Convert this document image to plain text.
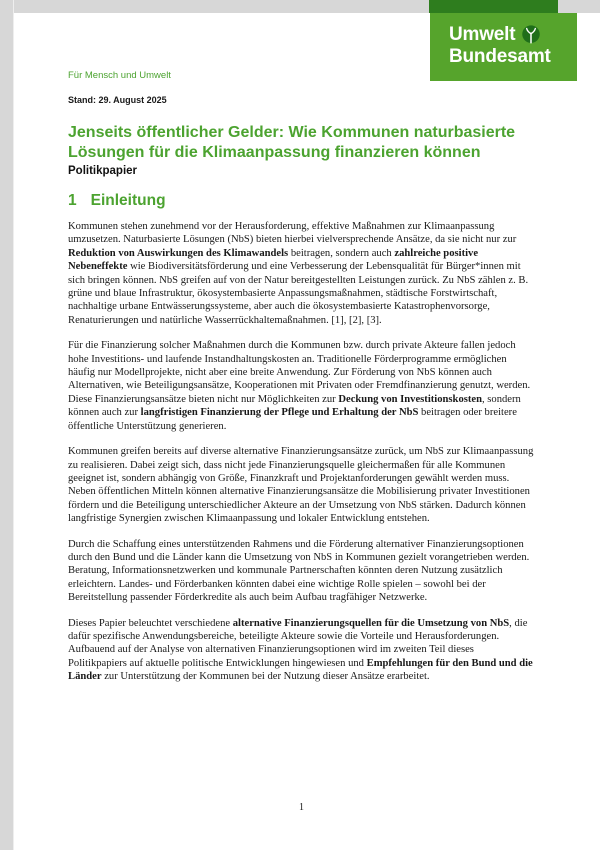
Umwelt
Bundesamt
Für Mensch und Umwelt
Stand: 29. August 2025
Jenseits öffentlicher Gelder: Wie Kommunen naturbasierte Lösungen für die Klimaanpassung finanzieren können
Politikpapier
1 Einleitung

Kommunen stehen zunehmend vor der Herausforderung, effektive Maßnahmen zur Klimaanpassung umzusetzen. Naturbasierte Lösungen (NbS) bieten hierbei vielversprechende Ansätze, da sie nicht nur zur Reduktion von Auswirkungen des Klimawandels beitragen, sondern auch zahlreiche positive Nebeneffekte wie Biodiversitätsförderung und eine Verbesserung der Lebensqualität für Bürger*innen mit sich bringen können. NbS greifen auf von der Natur bereitgestellten Leistungen zurück. Zu NbS zählen z. B. grüne und blaue Infrastruktur, ökosystembasierte Anpassungsmaßnahmen, städtische Forstwirtschaft, nachhaltige urbane Entwässerungssysteme, aber auch die ökosystembasierte Katastrophenvorsorge, Renaturierungen und natürliche Wasserrückhaltemaßnahmen. [1], [2], [3].

Für die Finanzierung solcher Maßnahmen durch die Kommunen bzw. durch private Akteure fallen jedoch hohe Investitions- und laufende Instandhaltungskosten an. Traditionelle Förderprogramme ermöglichen häufig nur Modellprojekte, nicht aber eine breite Anwendung. Zur Förderung von NbS können auch Alternativen, wie Beteiligungsansätze, Kooperationen mit Privaten oder Fremdfinanzierung genutzt, werden. Diese Finanzierungsansätze bieten nicht nur Möglichkeiten zur Deckung von Investitionskosten, sondern können auch zur langfristigen Finanzierung der Pflege und Erhaltung der NbS beitragen oder breitere öffentliche Unterstützung generieren.

Kommunen greifen bereits auf diverse alternative Finanzierungsansätze zurück, um NbS zur Klimaanpassung zu realisieren. Dabei zeigt sich, dass nicht jede Finanzierungsquelle gleichermaßen für alle Kommunen geeignet ist, sondern abhängig von Größe, Finanzkraft und Projektanforderungen gewählt werden muss. Neben öffentlichen Mitteln können alternative Finanzierungsansätze die Mobilisierung privater Investitionen fördern und die Beteiligung unterschiedlicher Akteure an der Umsetzung von NbS stärken. Dadurch können langfristige Synergien zwischen Klimaanpassung und lokaler Entwicklung entstehen.

Durch die Schaffung eines unterstützenden Rahmens und die Förderung alternativer Finanzierungsoptionen durch den Bund und die Länder kann die Umsetzung von NbS in Kommunen gezielt vorangetrieben werden. Beratung, Informationsnetzwerken und kommunale Partnerschaften könnten deren Nutzung zusätzlich erleichtern. Landes- und Förderbanken könnten dabei eine wichtige Rolle spielen – sowohl bei der Bereitstellung passender Förderkredite als auch beim Aufbau tragfähiger Netzwerke.

Dieses Papier beleuchtet verschiedene alternative Finanzierungsquellen für die Umsetzung von NbS, die dafür spezifische Anwendungsbereiche, beteiligte Akteure sowie die Vorteile und Herausforderungen. Aufbauend auf der Analyse von alternativen Finanzierungsoptionen wird im zweiten Teil dieses Politikpapiers auf aktuelle politische Entwicklungen hingewiesen und Empfehlungen für den Bund und die Länder zur Unterstützung der Kommunen bei der Nutzung dieser Ansätze erarbeitet.

1
